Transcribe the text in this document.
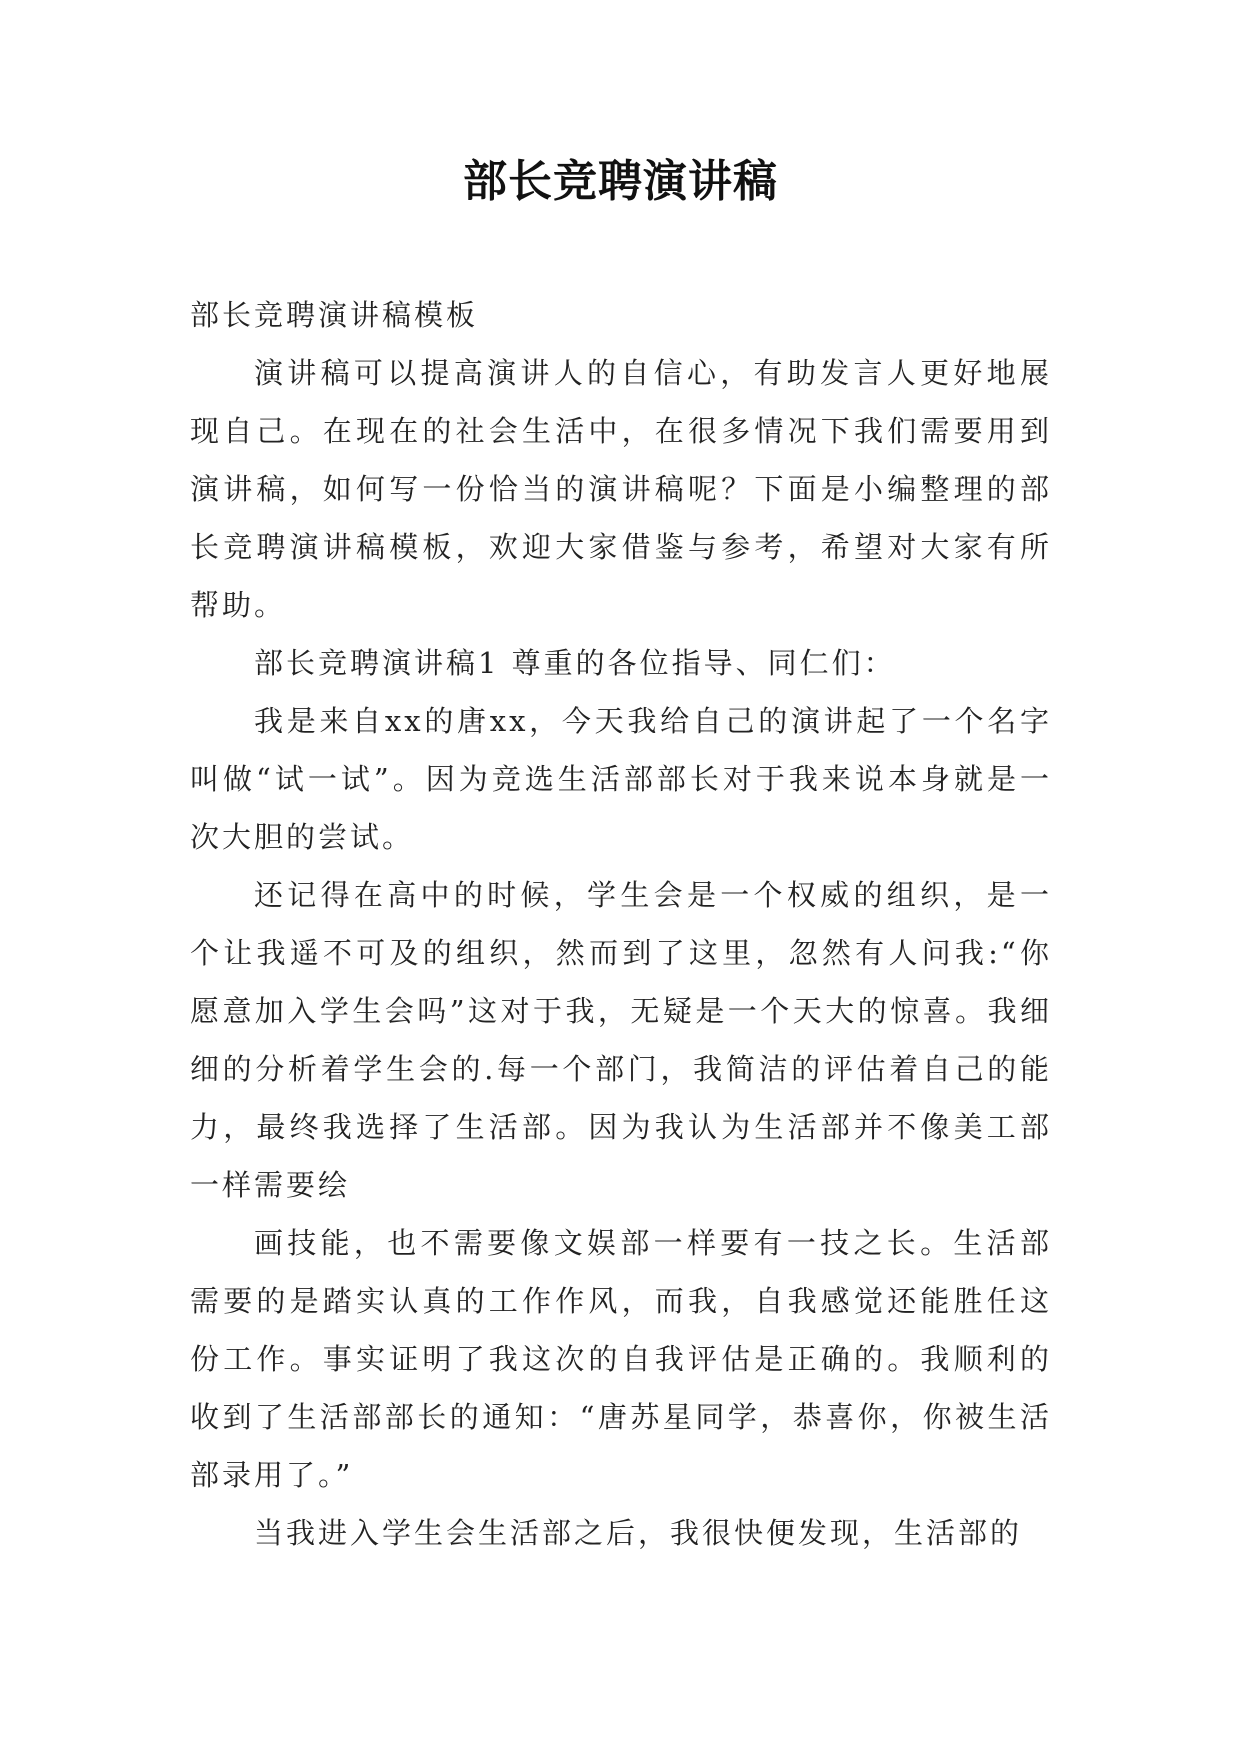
部长竞聘演讲稿

部长竞聘演讲稿模板

演讲稿可以提高演讲人的自信心，有助发言人更好地展现自己。在现在的社会生活中，在很多情况下我们需要用到演讲稿，如何写一份恰当的演讲稿呢？下面是小编整理的部长竞聘演讲稿模板，欢迎大家借鉴与参考，希望对大家有所帮助。

部长竞聘演讲稿1 尊重的各位指导、同仁们：

我是来自xx的唐xx，今天我给自己的演讲起了一个名字叫做“试一试”。因为竞选生活部部长对于我来说本身就是一次大胆的尝试。

还记得在高中的时候，学生会是一个权威的组织，是一个让我遥不可及的组织，然而到了这里，忽然有人问我:“你愿意加入学生会吗”这对于我，无疑是一个天大的惊喜。我细细的分析着学生会的.每一个部门，我简洁的评估着自己的能力，最终我选择了生活部。因为我认为生活部并不像美工部一样需要绘

画技能，也不需要像文娱部一样要有一技之长。生活部需要的是踏实认真的工作作风，而我，自我感觉还能胜任这份工作。事实证明了我这次的自我评估是正确的。我顺利的收到了生活部部长的通知：“唐苏星同学，恭喜你，你被生活部录用了。”

当我进入学生会生活部之后，我很快便发现，生活部的
